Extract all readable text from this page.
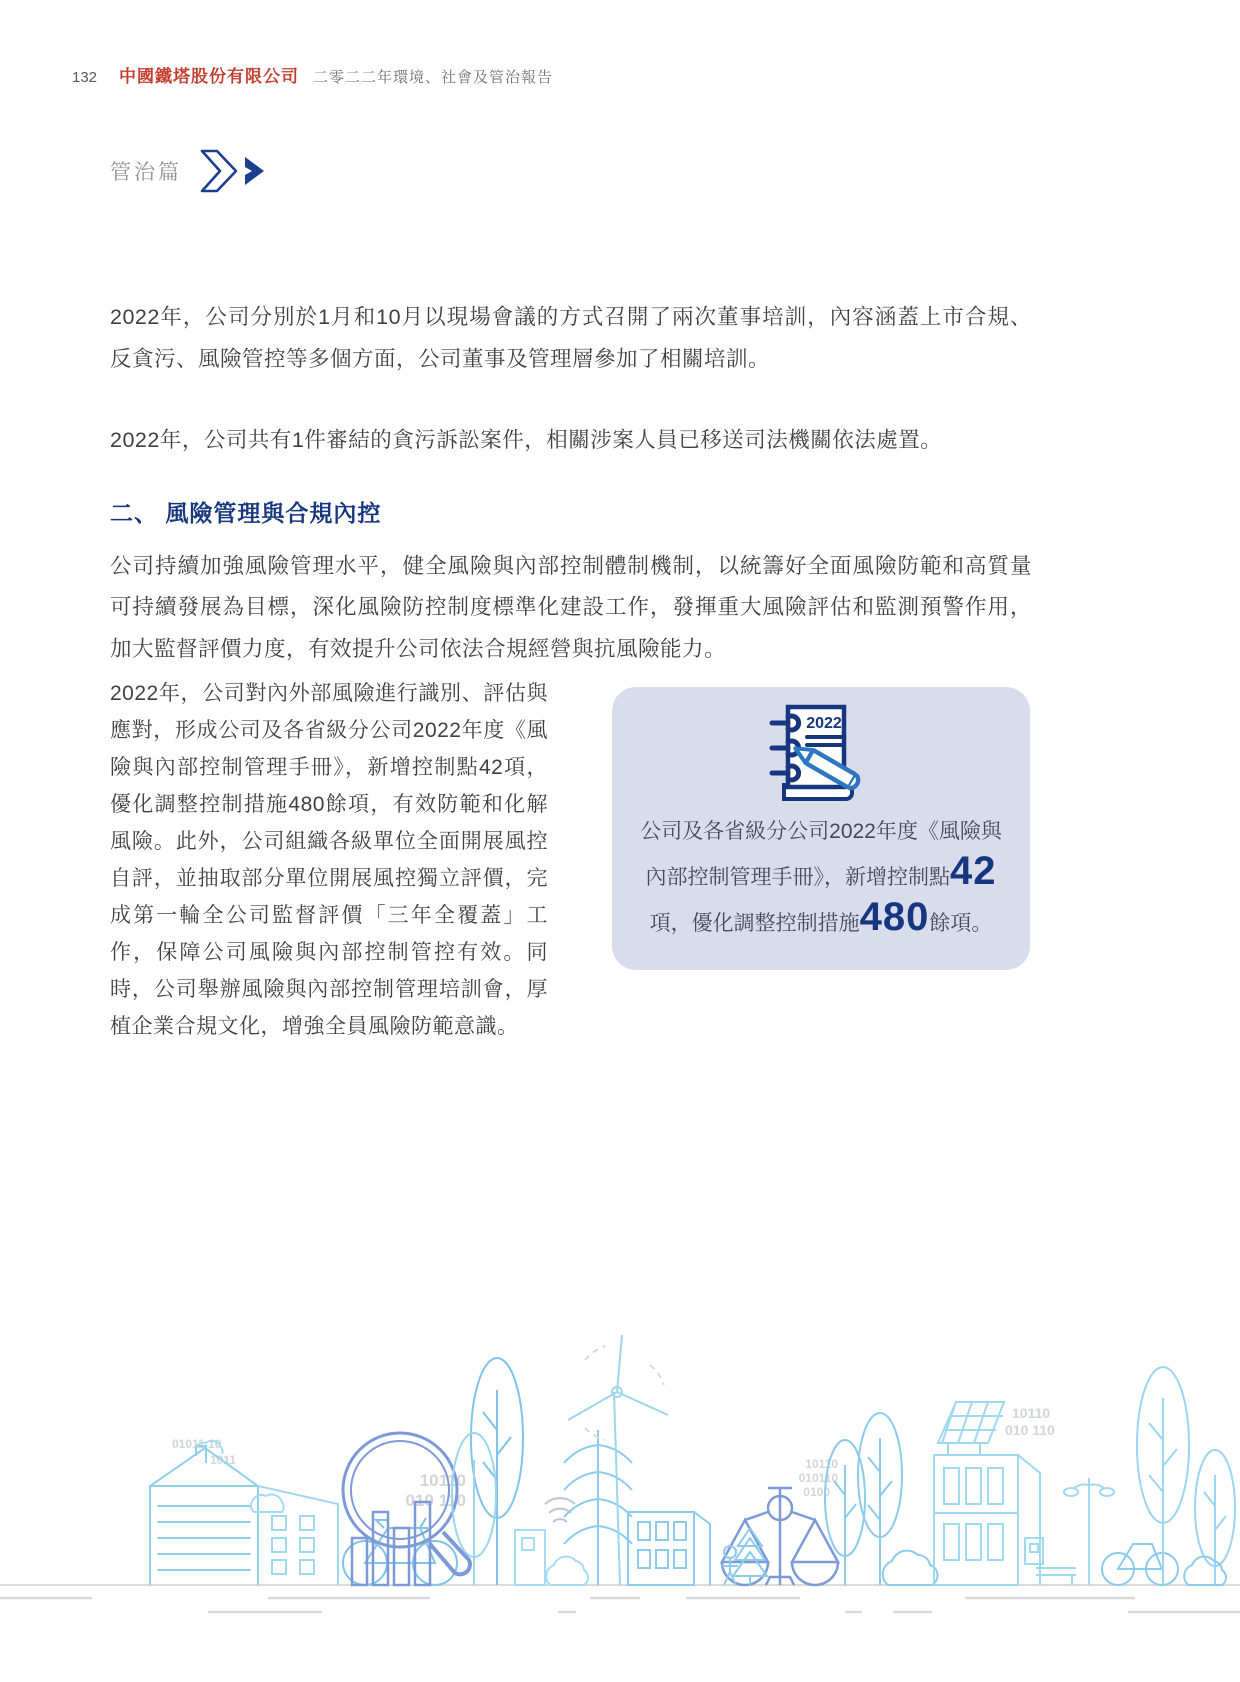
132 中國鐵塔股份有限公司 二零二二年環境、社會及管治報告
管治篇

2022年，公司分別於1月和10月以現場會議的方式召開了兩次董事培訓，內容涵蓋上市合規、反貪污、風險管控等多個方面，公司董事及管理層參加了相關培訓。

2022年，公司共有1件審結的貪污訴訟案件，相關涉案人員已移送司法機關依法處置。

二、 風險管理與合規內控

公司持續加強風險管理水平，健全風險與內部控制體制機制，以統籌好全面風險防範和高質量可持續發展為目標，深化風險防控制度標準化建設工作，發揮重大風險評估和監測預警作用，加大監督評價力度，有效提升公司依法合規經營與抗風險能力。

2022年，公司對內外部風險進行識別、評估與應對，形成公司及各省級分公司2022年度《風險與內部控制管理手冊》，新增控制點42項，優化調整控制措施480餘項，有效防範和化解風險。此外，公司組織各級單位全面開展風控自評，並抽取部分單位開展風控獨立評價，完成第一輪全公司監督評價「三年全覆蓋」工作，保障公司風險與內部控制管控有效。同時，公司舉辦風險與內部控制管理培訓會，厚植企業合規文化，增強全員風險防範意識。

2022

公司及各省級分公司2022年度《風險與內部控制管理手冊》，新增控制點42項，優化調整控制措施480餘項。

01011 10
1011
10110
010 110
10110
010110
0100
10110
010 110
